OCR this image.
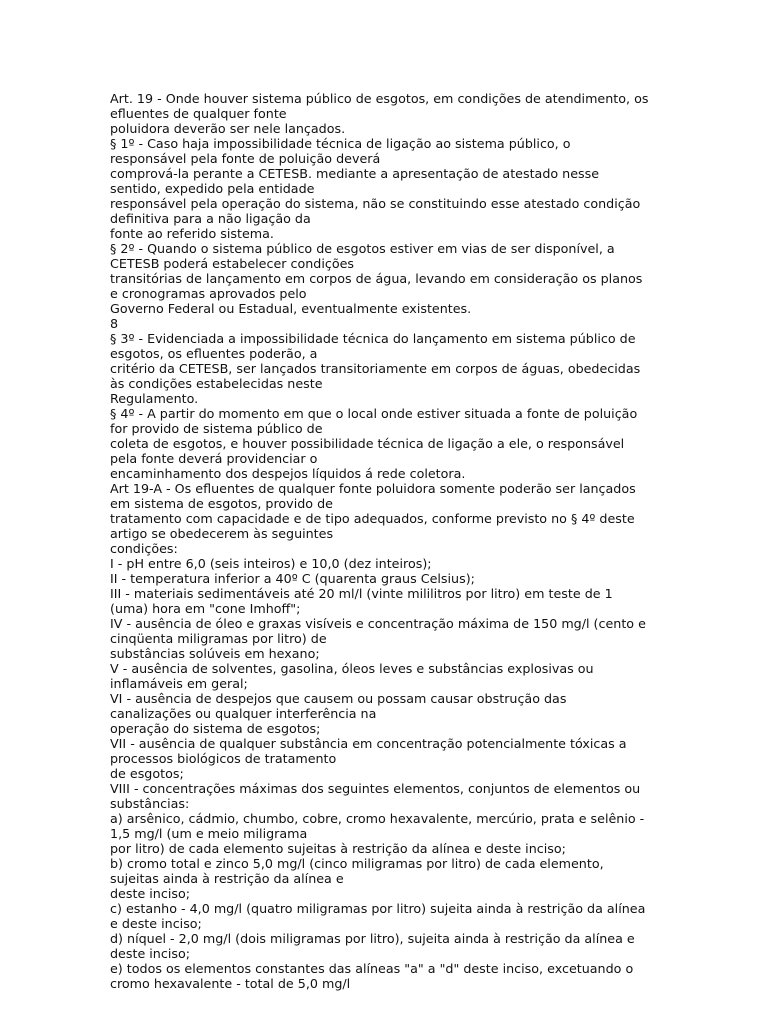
Art. 19 - Onde houver sistema público de esgotos, em condições de atendimento, os
efluentes de qualquer fonte
poluidora deverão ser nele lançados.
§ 1º - Caso haja impossibilidade técnica de ligação ao sistema público, o
responsável pela fonte de poluição deverá
comprová-la perante a CETESB. mediante a apresentação de atestado nesse
sentido, expedido pela entidade
responsável pela operação do sistema, não se constituindo esse atestado condição
definitiva para a não ligação da
fonte ao referido sistema.
§ 2º - Quando o sistema público de esgotos estiver em vias de ser disponível, a
CETESB poderá estabelecer condições
transitórias de lançamento em corpos de água, levando em consideração os planos
e cronogramas aprovados pelo
Governo Federal ou Estadual, eventualmente existentes.
8
§ 3º - Evidenciada a impossibilidade técnica do lançamento em sistema público de
esgotos, os efluentes poderão, a
critério da CETESB, ser lançados transitoriamente em corpos de águas, obedecidas
às condições estabelecidas neste
Regulamento.
§ 4º - A partir do momento em que o local onde estiver situada a fonte de poluição
for provido de sistema público de
coleta de esgotos, e houver possibilidade técnica de ligação a ele, o responsável
pela fonte deverá providenciar o
encaminhamento dos despejos líquidos á rede coletora.
Art 19-A - Os efluentes de qualquer fonte poluidora somente poderão ser lançados
em sistema de esgotos, provido de
tratamento com capacidade e de tipo adequados, conforme previsto no § 4º deste
artigo se obedecerem às seguintes
condições:
I - pH entre 6,0 (seis inteiros) e 10,0 (dez inteiros);
II - temperatura inferior a 40º C (quarenta graus Celsius);
III - materiais sedimentáveis até 20 ml/l (vinte mililitros por litro) em teste de 1
(uma) hora em "cone Imhoff";
IV - ausência de óleo e graxas visíveis e concentração máxima de 150 mg/l (cento e
cinqüenta miligramas por litro) de
substâncias solúveis em hexano;
V - ausência de solventes, gasolina, óleos leves e substâncias explosivas ou
inflamáveis em geral;
VI - ausência de despejos que causem ou possam causar obstrução das
canalizações ou qualquer interferência na
operação do sistema de esgotos;
VII - ausência de qualquer substância em concentração potencialmente tóxicas a
processos biológicos de tratamento
de esgotos;
VIII - concentrações máximas dos seguintes elementos, conjuntos de elementos ou
substâncias:
a) arsênico, cádmio, chumbo, cobre, cromo hexavalente, mercúrio, prata e selênio -
1,5 mg/l (um e meio miligrama
por litro) de cada elemento sujeitas à restrição da alínea e deste inciso;
b) cromo total e zinco 5,0 mg/l (cinco miligramas por litro) de cada elemento,
sujeitas ainda à restrição da alínea e
deste inciso;
c) estanho - 4,0 mg/l (quatro miligramas por litro) sujeita ainda à restrição da alínea
e deste inciso;
d) níquel - 2,0 mg/l (dois miligramas por litro), sujeita ainda à restrição da alínea e
deste inciso;
e) todos os elementos constantes das alíneas "a" a "d" deste inciso, excetuando o
cromo hexavalente - total de 5,0 mg/l
